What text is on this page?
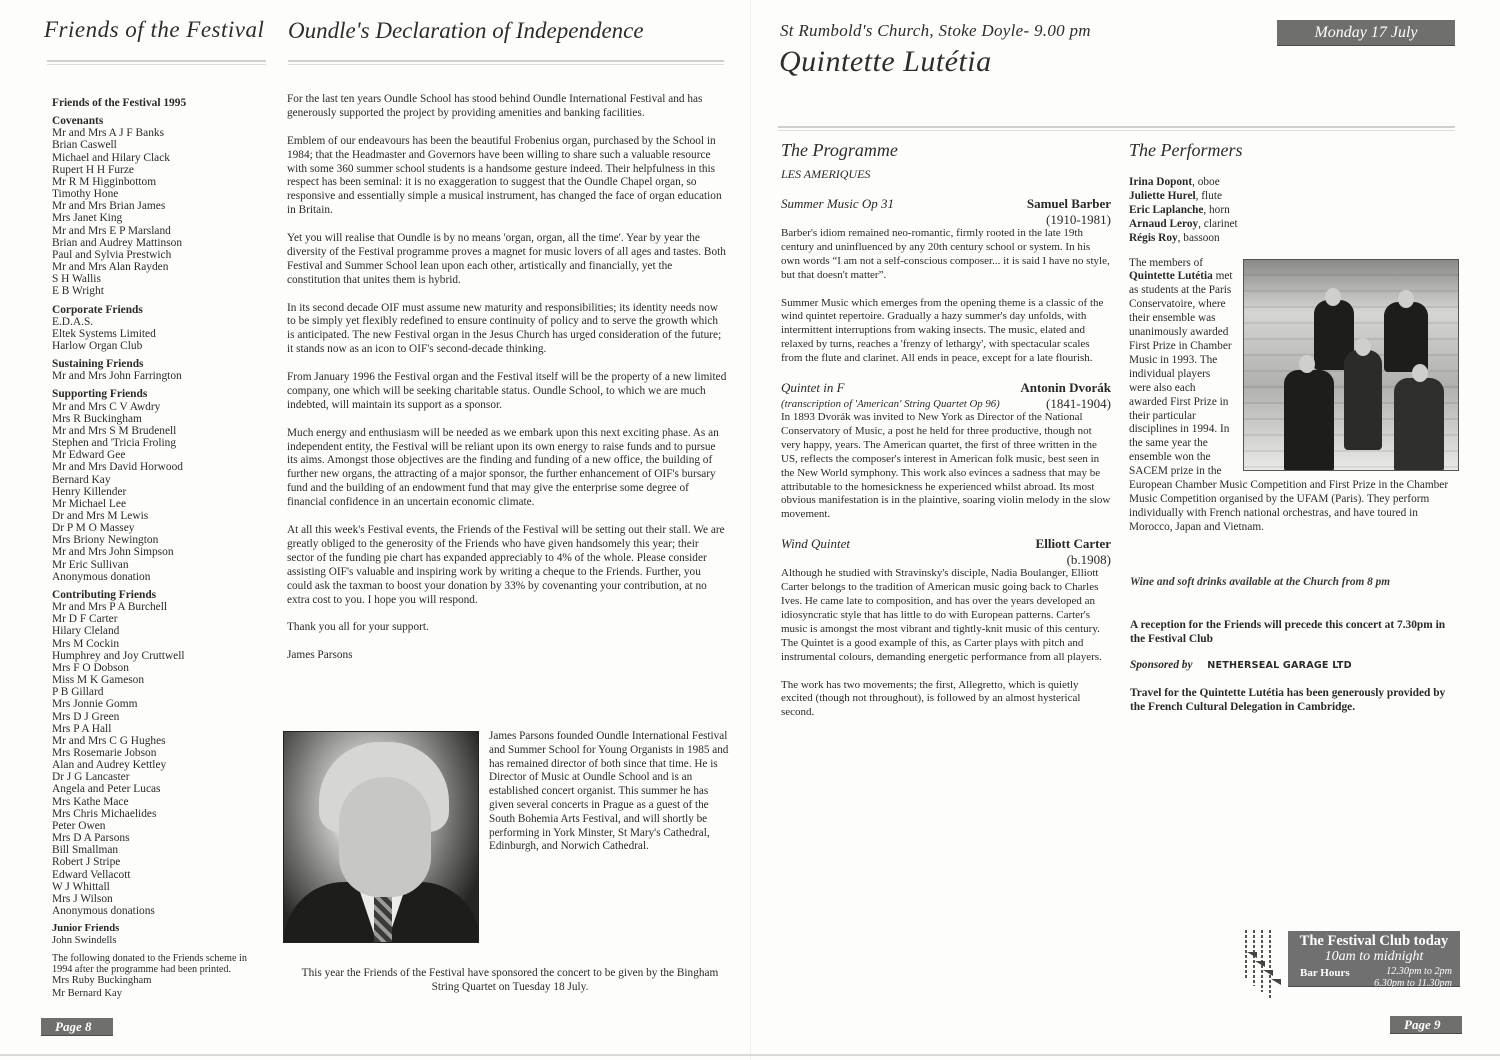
Friends of the Festival
Friends of the Festival 1995
Covenants
Mr and Mrs A J F Banks
Brian Caswell
Michael and Hilary Clack
Rupert H H Furze
Mr R M Higginbottom
Timothy Hone
Mr and Mrs Brian James
Mrs Janet King
Mr and Mrs E P Marsland
Brian and Audrey Mattinson
Paul and Sylvia Prestwich
Mr and Mrs Alan Rayden
S H Wallis
E B Wright
Corporate Friends
E.D.A.S.
Eltek Systems Limited
Harlow Organ Club
Sustaining Friends
Mr and Mrs John Farrington
Supporting Friends
Mr and Mrs C V Awdry
Mrs R Buckingham
Mr and Mrs S M Brudenell
Stephen and 'Tricia Froling
Mr Edward Gee
Mr and Mrs David Horwood
Bernard Kay
Henry Killender
Mr Michael Lee
Dr and Mrs M Lewis
Dr P M O Massey
Mrs Briony Newington
Mr and Mrs John Simpson
Mr Eric Sullivan
Anonymous donation
Contributing Friends
Mr and Mrs P A Burchell
Mr D F Carter
Hilary Cleland
Mrs M Cockin
Humphrey and Joy Cruttwell
Mrs F O Dobson
Miss M K Gameson
P B Gillard
Mrs Jonnie Gomm
Mrs D J Green
Mrs P A Hall
Mr and Mrs C G Hughes
Mrs Rosemarie Jobson
Alan and Audrey Kettley
Dr J G Lancaster
Angela and Peter Lucas
Mrs Kathe Mace
Mrs Chris Michaelides
Peter Owen
Mrs D A Parsons
Bill Smallman
Robert J Stripe
Edward Vellacott
W J Whittall
Mrs J Wilson
Anonymous donations
Junior Friends
John Swindells
The following donated to the Friends scheme in 1994 after the programme had been printed.
Mrs Ruby Buckingham
Mr Bernard Kay
Oundle's Declaration of Independence

For the last ten years Oundle School has stood behind Oundle International Festival and has generously supported the project by providing amenities and banking facilities.

Emblem of our endeavours has been the beautiful Frobenius organ, purchased by the School in 1984; that the Headmaster and Governors have been willing to share such a valuable resource with some 360 summer school students is a handsome gesture indeed. Their helpfulness in this respect has been seminal: it is no exaggeration to suggest that the Oundle Chapel organ, so responsive and essentially simple a musical instrument, has changed the face of organ education in Britain.

Yet you will realise that Oundle is by no means 'organ, organ, all the time'. Year by year the diversity of the Festival programme proves a magnet for music lovers of all ages and tastes. Both Festival and Summer School lean upon each other, artistically and financially, yet the constitution that unites them is hybrid.

In its second decade OIF must assume new maturity and responsibilities; its identity needs now to be simply yet flexibly redefined to ensure continuity of policy and to serve the growth which is anticipated. The new Festival organ in the Jesus Church has urged consideration of the future; it stands now as an icon to OIF's second-decade thinking.

From January 1996 the Festival organ and the Festival itself will be the property of a new limited company, one which will be seeking charitable status. Oundle School, to which we are much indebted, will maintain its support as a sponsor.

Much energy and enthusiasm will be needed as we embark upon this next exciting phase. As an independent entity, the Festival will be reliant upon its own energy to raise funds and to pursue its aims. Amongst those objectives are the finding and funding of a new office, the building of further new organs, the attracting of a major sponsor, the further enhancement of OIF's bursary fund and the building of an endowment fund that may give the enterprise some degree of financial confidence in an uncertain economic climate.

At all this week's Festival events, the Friends of the Festival will be setting out their stall. We are greatly obliged to the generosity of the Friends who have given handsomely this year; their sector of the funding pie chart has expanded appreciably to 4% of the whole. Please consider assisting OIF's valuable and inspiring work by writing a cheque to the Friends. Further, you could ask the taxman to boost your donation by 33% by covenanting your contribution, at no extra cost to you. I hope you will respond.

Thank you all for your support.

James Parsons

James Parsons founded Oundle International Festival and Summer School for Young Organists in 1985 and has remained director of both since that time. He is Director of Music at Oundle School and is an established concert organist. This summer he has given several concerts in Prague as a guest of the South Bohemia Arts Festival, and will shortly be performing in York Minster, St Mary's Cathedral, Edinburgh, and Norwich Cathedral.
This year the Friends of the Festival have sponsored the concert to be given by the Bingham String Quartet on Tuesday 18 July.
Page 8
St Rumbold's Church, Stoke Doyle- 9.00 pm
Quintette Lutétia
Monday 17 July
The Programme
LES AMERIQUES
Summer Music Op 31	Samuel Barber
(1910-1981)

Barber's idiom remained neo-romantic, firmly rooted in the late 19th century and uninfluenced by any 20th century school or system. In his own words “I am not a self-conscious composer... it is said I have no style, but that doesn't matter”.

Summer Music which emerges from the opening theme is a classic of the wind quintet repertoire. Gradually a hazy summer's day unfolds, with intermittent interruptions from waking insects. The music, elated and relaxed by turns, reaches a 'frenzy of lethargy', with spectacular scales from the flute and clarinet. All ends in peace, except for a late flourish.

Quintet in F	Antonin Dvorák
(transcription of 'American' String Quartet Op 96)	(1841-1904)

In 1893 Dvorák was invited to New York as Director of the National Conservatory of Music, a post he held for three productive, though not very happy, years. The American quartet, the first of three written in the US, reflects the composer's interest in American folk music, best seen in the New World symphony. This work also evinces a sadness that may be attributable to the homesickness he experienced whilst abroad. Its most obvious manifestation is in the plaintive, soaring violin melody in the slow movement.

Wind Quintet	Elliott Carter
(b.1908)

Although he studied with Stravinsky's disciple, Nadia Boulanger, Elliott Carter belongs to the tradition of American music going back to Charles Ives. He came late to composition, and has over the years developed an idiosyncratic style that has little to do with European patterns. Carter's music is amongst the most vibrant and tightly-knit music of this century. The Quintet is a good example of this, as Carter plays with pitch and instrumental colours, demanding energetic performance from all players.

The work has two movements; the first, Allegretto, which is quietly excited (though not throughout), is followed by an almost hysterical second.

The Performers
Irina Dopont, oboe
Juliette Hurel, flute
Eric Laplanche, horn
Arnaud Leroy, clarinet
Régis Roy, bassoon
The members of
Quintette Lutétia met as students at the Paris Conservatoire, where their ensemble was unanimously awarded First Prize in Chamber Music in 1993. The individual players were also each awarded First Prize in their particular disciplines in 1994. In the same year the ensemble won the SACEM prize in the European Chamber Music Competition and First Prize in the Chamber Music Competition organised by the UFAM (Paris). They perform individually with French national orchestras, and have toured in Morocco, Japan and Vietnam.
Wine and soft drinks available at the Church from 8 pm
A reception for the Friends will precede this concert at 7.30pm in the Festival Club
Sponsored by NETHERSEAL GARAGE LTD
Travel for the Quintette Lutétia has been generously provided by the French Cultural Delegation in Cambridge.
The Festival Club today
10am to midnight
Bar Hours	12.30pm to 2pm
6.30pm to 11.30pm
Page 9
